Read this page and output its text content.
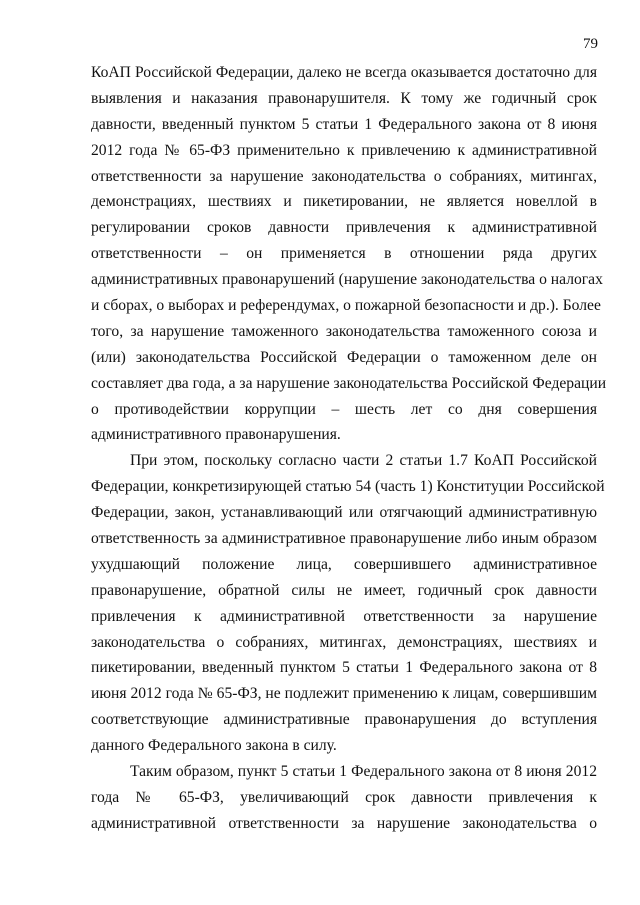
79
КоАП Российской Федерации, далеко не всегда оказывается достаточно для
выявления и наказания правонарушителя. К тому же годичный срок
давности, введенный пунктом 5 статьи 1 Федерального закона от 8 июня
2012 года № 65-ФЗ применительно к привлечению к административной
ответственности за нарушение законодательства о собраниях, митингах,
демонстрациях, шествиях и пикетировании, не является новеллой в
регулировании сроков давности привлечения к административной
ответственности – он применяется в отношении ряда других
административных правонарушений (нарушение законодательства о налогах
и сборах, о выборах и референдумах, о пожарной безопасности и др.). Более
того, за нарушение таможенного законодательства таможенного союза и
(или) законодательства Российской Федерации о таможенном деле он
составляет два года, а за нарушение законодательства Российской Федерации
о противодействии коррупции – шесть лет со дня совершения
административного правонарушения.
При этом, поскольку согласно части 2 статьи 1.7 КоАП Российской
Федерации, конкретизирующей статью 54 (часть 1) Конституции Российской
Федерации, закон, устанавливающий или отягчающий административную
ответственность за административное правонарушение либо иным образом
ухудшающий положение лица, совершившего административное
правонарушение, обратной силы не имеет, годичный срок давности
привлечения к административной ответственности за нарушение
законодательства о собраниях, митингах, демонстрациях, шествиях и
пикетировании, введенный пунктом 5 статьи 1 Федерального закона от 8
июня 2012 года № 65-ФЗ, не подлежит применению к лицам, совершившим
соответствующие административные правонарушения до вступления
данного Федерального закона в силу.
Таким образом, пункт 5 статьи 1 Федерального закона от 8 июня 2012
года № 65-ФЗ, увеличивающий срок давности привлечения к
административной ответственности за нарушение законодательства о
